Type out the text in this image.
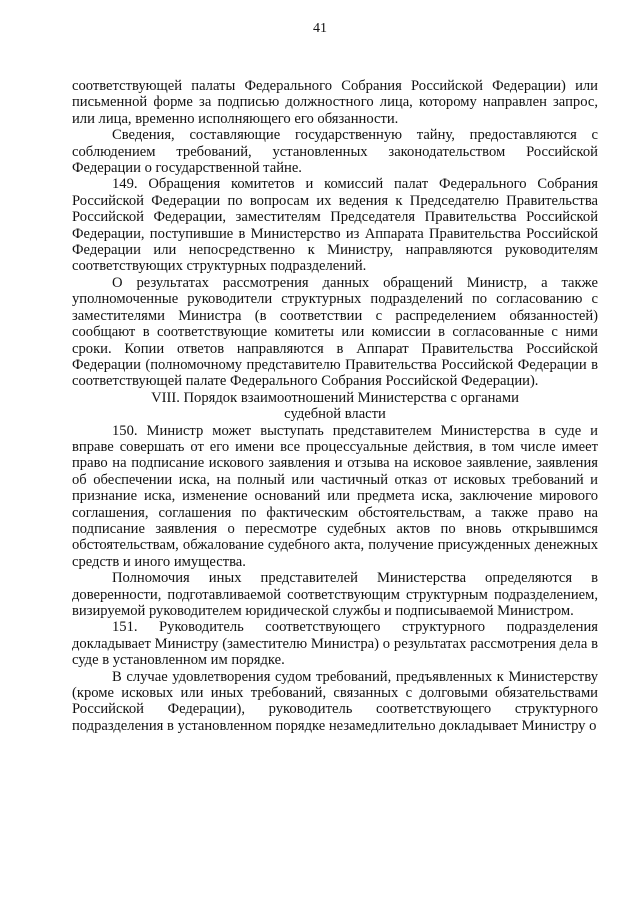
41

соответствующей палаты Федерального Собрания Российской Федерации) или письменной форме за подписью должностного лица, которому направлен запрос, или лица, временно исполняющего его обязанности.

Сведения, составляющие государственную тайну, предоставляются с соблюдением требований, установленных законодательством Российской Федерации о государственной тайне.

149. Обращения комитетов и комиссий палат Федерального Собрания Российской Федерации по вопросам их ведения к Председателю Правительства Российской Федерации, заместителям Председателя Правительства Российской Федерации, поступившие в Министерство из Аппарата Правительства Российской Федерации или непосредственно к Министру, направляются руководителям соответствующих структурных подразделений.

О результатах рассмотрения данных обращений Министр, а также уполномоченные руководители структурных подразделений по согласованию с заместителями Министра (в соответствии с распределением обязанностей) сообщают в соответствующие комитеты или комиссии в согласованные с ними сроки. Копии ответов направляются в Аппарат Правительства Российской Федерации (полномочному представителю Правительства Российской Федерации в соответствующей палате Федерального Собрания Российской Федерации).

VIII. Порядок взаимоотношений Министерства с органами
судебной власти

150. Министр может выступать представителем Министерства в суде и вправе совершать от его имени все процессуальные действия, в том числе имеет право на подписание искового заявления и отзыва на исковое заявление, заявления об обеспечении иска, на полный или частичный отказ от исковых требований и признание иска, изменение оснований или предмета иска, заключение мирового соглашения, соглашения по фактическим обстоятельствам, а также право на подписание заявления о пересмотре судебных актов по вновь открывшимся обстоятельствам, обжалование судебного акта, получение присужденных денежных средств и иного имущества.

Полномочия иных представителей Министерства определяются в доверенности, подготавливаемой соответствующим структурным подразделением, визируемой руководителем юридической службы и подписываемой Министром.

151. Руководитель соответствующего структурного подразделения докладывает Министру (заместителю Министра) о результатах рассмотрения дела в суде в установленном им порядке.

В случае удовлетворения судом требований, предъявленных к Министерству (кроме исковых или иных требований, связанных с долговыми обязательствами Российской Федерации), руководитель соответствующего структурного подразделения в установленном порядке незамедлительно докладывает Министру о
